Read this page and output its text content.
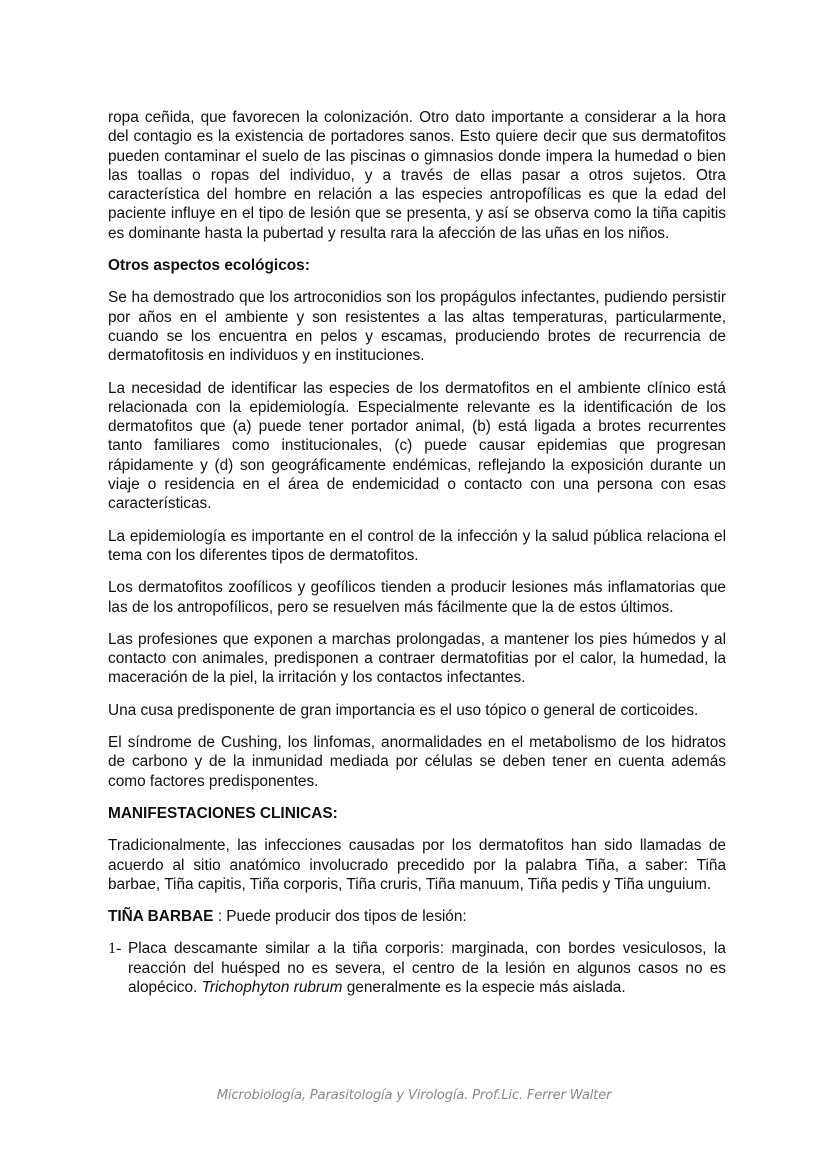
ropa ceñida, que favorecen la colonización. Otro dato importante a considerar a la hora del contagio es la existencia de portadores sanos. Esto quiere decir que sus dermatofitos pueden contaminar el suelo de las piscinas o gimnasios donde impera la humedad o bien las toallas o ropas del individuo, y a través de ellas pasar a otros sujetos. Otra característica del hombre en relación a las especies antropofílicas es que la edad del paciente influye en el tipo de lesión que se presenta, y así se observa como la tiña capitis es dominante hasta la pubertad y resulta rara la afección de las uñas en los niños.

Otros aspectos ecológicos:

Se ha demostrado que los artroconidios son los propágulos infectantes, pudiendo persistir por años en el ambiente y son resistentes a las altas temperaturas, particularmente, cuando se los encuentra en pelos y escamas, produciendo brotes de recurrencia de dermatofitosis en individuos y en instituciones.

La necesidad de identificar las especies de los dermatofitos en el ambiente clínico está relacionada con la epidemiología. Especialmente relevante es la identificación de los dermatofitos que (a) puede tener portador animal, (b) está ligada a brotes recurrentes tanto familiares como institucionales, (c) puede causar epidemias que progresan rápidamente y (d) son geográficamente endémicas, reflejando la exposición durante un viaje o residencia en el área de endemicidad o contacto con una persona con esas características.

La epidemiología es importante en el control de la infección y la salud pública relaciona el tema con los diferentes tipos de dermatofitos.

Los dermatofitos zoofílicos y geofílicos tienden a producir lesiones más inflamatorias que las de los antropofílicos, pero se resuelven más fácilmente que la de estos últimos.

Las profesiones que exponen a marchas prolongadas, a mantener los pies húmedos y al contacto con animales, predisponen a contraer dermatofitias por el calor, la humedad, la maceración de la piel, la irritación y los contactos infectantes.

Una cusa predisponente de gran importancia es el uso tópico o general de corticoides.

El síndrome de Cushing, los linfomas, anormalidades en el metabolismo de los hidratos de carbono y de la inmunidad mediada por células se deben tener en cuenta además como factores predisponentes.

MANIFESTACIONES CLINICAS:

Tradicionalmente, las infecciones causadas por los dermatofitos han sido llamadas de acuerdo al sitio anatómico involucrado precedido por la palabra Tiña, a saber: Tiña barbae, Tiña capitis, Tiña corporis, Tiña cruris, Tiña manuum, Tiña pedis y Tiña unguium.

TIÑA BARBAE : Puede producir dos tipos de lesión:

1- Placa descamante similar a la tiña corporis: marginada, con bordes vesiculosos, la reacción del huésped no es severa, el centro de la lesión en algunos casos no es alopécico. Trichophyton rubrum generalmente es la especie más aislada.
Microbiología, Parasitología y Virología. Prof.Lic. Ferrer Walter
